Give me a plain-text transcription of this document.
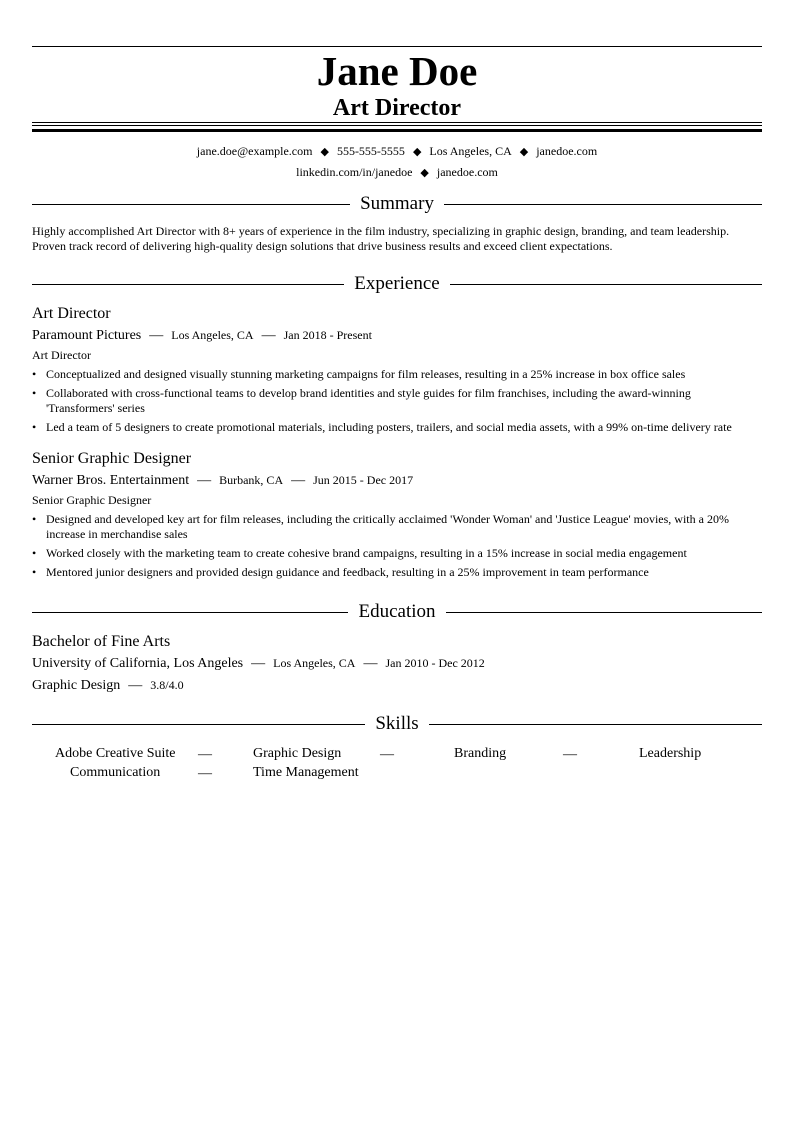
Jane Doe
Art Director
jane.doe@example.com ◆ 555-555-5555 ◆ Los Angeles, CA ◆ janedoe.com
linkedin.com/in/janedoe ◆ janedoe.com
Summary
Highly accomplished Art Director with 8+ years of experience in the film industry, specializing in graphic design, branding, and team leadership. Proven track record of delivering high-quality design solutions that drive business results and exceed client expectations.
Experience
Art Director
Paramount Pictures — Los Angeles, CA — Jan 2018 - Present
Art Director
• Conceptualized and designed visually stunning marketing campaigns for film releases, resulting in a 25% increase in box office sales
• Collaborated with cross-functional teams to develop brand identities and style guides for film franchises, including the award-winning 'Transformers' series
• Led a team of 5 designers to create promotional materials, including posters, trailers, and social media assets, with a 99% on-time delivery rate
Senior Graphic Designer
Warner Bros. Entertainment — Burbank, CA — Jun 2015 - Dec 2017
Senior Graphic Designer
• Designed and developed key art for film releases, including the critically acclaimed 'Wonder Woman' and 'Justice League' movies, with a 20% increase in merchandise sales
• Worked closely with the marketing team to create cohesive brand campaigns, resulting in a 15% increase in social media engagement
• Mentored junior designers and provided design guidance and feedback, resulting in a 25% improvement in team performance
Education
Bachelor of Fine Arts
University of California, Los Angeles — Los Angeles, CA — Jan 2010 - Dec 2012
Graphic Design — 3.8/4.0
Skills
Adobe Creative Suite —	Graphic Design	—	Branding	—	Leadership
Communication	—	Time Management
